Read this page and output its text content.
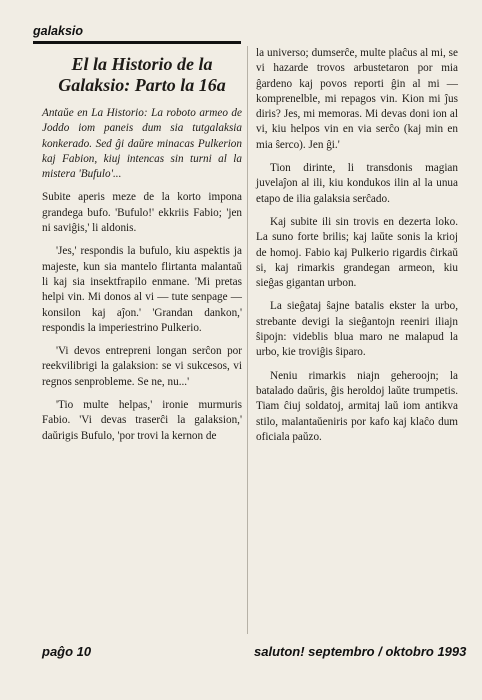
galaksio
El la Historio de la Galaksio: Parto la 16a

Antaŭe en La Historio: La roboto armeo de Joddo iom paneis dum sia tutgalaksia konkerado. Sed ĝi daŭre minacas Pulkerion kaj Fabion, kiuj intencas sin turni al la mistera 'Bufulo'...

Subite aperis meze de la korto impona grandega bufo. 'Bufulo!' ekkriis Fabio; 'jen ni saviĝis,' li aldonis.

'Jes,' respondis la bufulo, kiu aspektis ja majeste, kun sia mantelo flirtanta malantaŭ li kaj sia insektfrapilo enmane. 'Mi pretas helpi vin. Mi donos al vi — tute senpage — konsilon kaj aĵon.' 'Grandan dankon,' respondis la imperiestrino Pulkerio.

'Vi devos entrepreni longan serĉon por reekvilibrigi la galaksion: se vi sukcesos, vi regnos senprobleme. Se ne, nu...'

'Tio multe helpas,' ironie murmuris Fabio. 'Vi devas traserĉi la galaksion,' daŭrigis Bufulo, 'por trovi la kernon de

la universo; dumserĉe, multe plaĉus al mi, se vi hazarde trovos arbustetaron por mia ĝardeno kaj povos reporti ĝin al mi — komprenelble, mi repagos vin. Kion mi ĵus diris? Jes, mi memoras. Mi devas doni ion al vi, kiu helpos vin en via serĉo (kaj min en mia ŝerco). Jen ĝi.'

Tion dirinte, li transdonis magian juvelaĵon al ili, kiu kondukos ilin al la unua etapo de ilia galaksia serĉado.

Kaj subite ili sin trovis en dezerta loko. La suno forte brilis; kaj laŭte sonis la krioj de homoj. Fabio kaj Pulkerio rigardis ĉirkaŭ si, kaj rimarkis grandegan armeon, kiu sieĝas gigantan urbon.

La sieĝataj ŝajne batalis ekster la urbo, strebante devigi la sieĝantojn reeniri iliajn ŝipojn: videblis blua maro ne malapud la urbo, kie troviĝis ŝiparo.

Neniu rimarkis niajn geheroojn; la batalado daŭris, ĝis heroldoj laŭte trumpetis. Tiam ĉiuj soldatoj, armitaj laŭ iom antikva stilo, malantaŭeniris por kafo kaj klaĉo dum oficiala paŭzo.

paĝo 10	saluton! septembro / oktobro 1993
